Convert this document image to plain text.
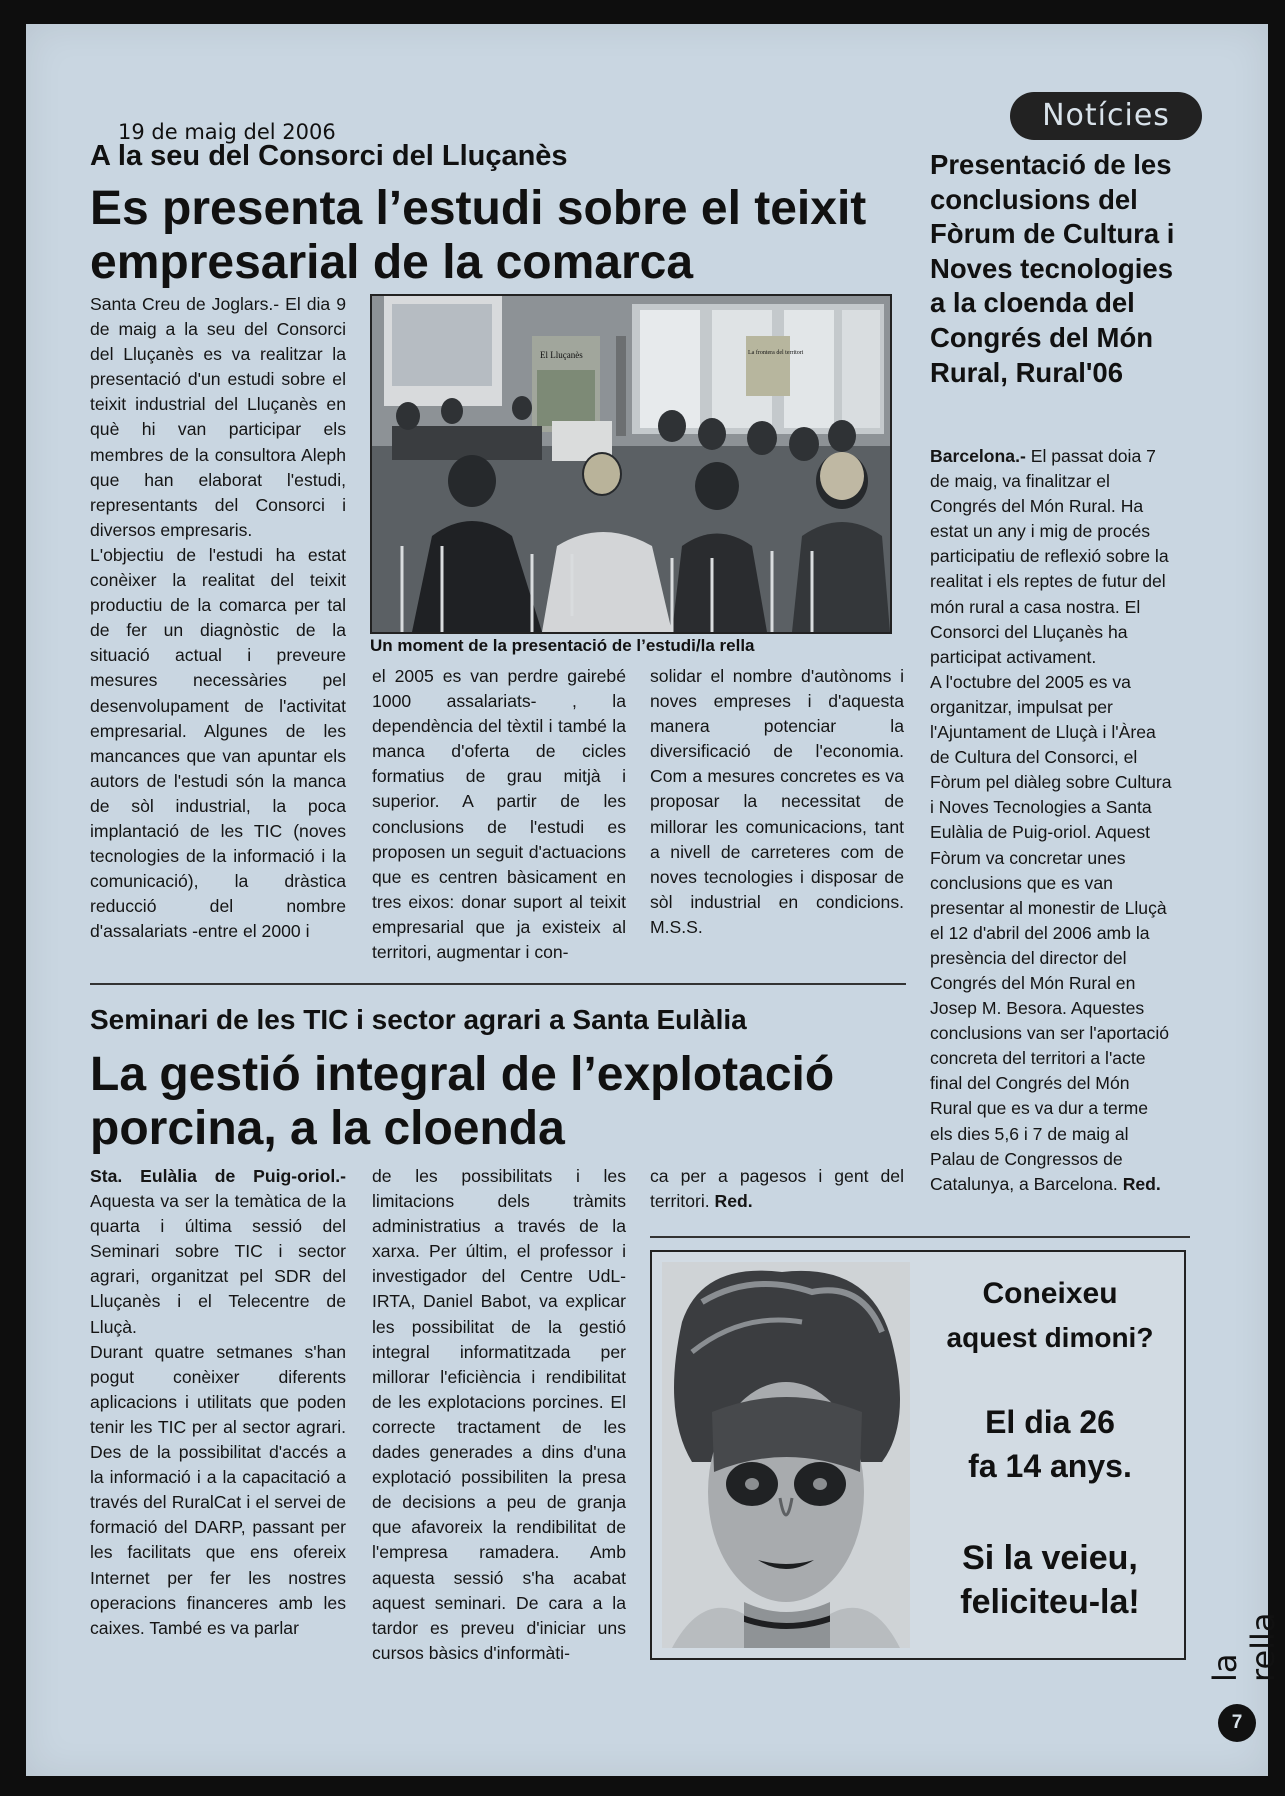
19 de maig del 2006	Notícies
A la seu del Consorci del Lluçanès
Es presenta l’estudi sobre el teixit
empresarial de la comarca

Santa Creu de Joglars.- El dia 9 de maig a la seu del Consorci del Lluçanès es va realitzar la presentació d'un estudi sobre el teixit industrial del Lluçanès en què hi van participar els membres de la consultora Aleph que han elaborat l'estudi, representants del Consorci i diversos empresaris.

L'objectiu de l'estudi ha estat conèixer la realitat del teixit productiu de la comarca per tal de fer un diagnòstic de la situació actual i preveure mesures necessàries pel desenvolupament de l'activitat empresarial. Algunes de les mancances que van apuntar els autors de l'estudi són la manca de sòl industrial, la poca implantació de les TIC (noves tecnologies de la informació i la comunicació), la dràstica reducció del nombre d'assalariats -entre el 2000 i

El Lluçanès	La frontera del territori
Un moment de la presentació de l’estudi/la rella

el 2005 es van perdre gairebé 1000 assalariats- , la dependència del tèxtil i també la manca d'oferta de cicles formatius de grau mitjà i superior. A partir de les conclusions de l'estudi es proposen un seguit d'actuacions que es centren bàsicament en tres eixos: donar suport al teixit empresarial que ja existeix al territori, augmentar i con-

solidar el nombre d'autònoms i noves empreses i d'aquesta manera potenciar la diversificació de l'economia. Com a mesures concretes es va proposar la necessitat de millorar les comunicacions, tant a nivell de carreteres com de noves tecnologies i disposar de sòl industrial en condicions. M.S.S.

Seminari de les TIC i sector agrari a Santa Eulàlia
La gestió integral de l’explotació
porcina, a la cloenda

Sta. Eulàlia de Puig-oriol.- Aquesta va ser la temàtica de la quarta i última sessió del Seminari sobre TIC i sector agrari, organitzat pel SDR del Lluçanès i el Telecentre de Lluçà.

Durant quatre setmanes s'han pogut conèixer diferents aplicacions i utilitats que poden tenir les TIC per al sector agrari. Des de la possibilitat d'accés a la informació i a la capacitació a través del RuralCat i el servei de formació del DARP, passant per les facilitats que ens ofereix Internet per fer les nostres operacions financeres amb les caixes. També es va parlar

de les possibilitats i les limitacions dels tràmits administratius a través de la xarxa. Per últim, el professor i investigador del Centre UdL-IRTA, Daniel Babot, va explicar les possibilitat de la gestió integral informatitzada per millorar l'eficiència i rendibilitat de les explotacions porcines. El correcte tractament de les dades generades a dins d'una explotació possibiliten la presa de decisions a peu de granja que afavoreix la rendibilitat de l'empresa ramadera. Amb aquesta sessió s'ha acabat aquest seminari. De cara a la tardor es preveu d'iniciar uns cursos bàsics d'informàti-

ca per a pagesos i gent del territori. Red.

Presentació de les conclusions del Fòrum de Cultura i Noves tecnologies a la cloenda del Congrés del Món Rural, Rural'06

Barcelona.- El passat doia 7 de maig, va finalitzar el Congrés del Món Rural. Ha estat un any i mig de procés participatiu de reflexió sobre la realitat i els reptes de futur del món rural a casa nostra. El Consorci del Lluçanès ha participat activament.

A l'octubre del 2005 es va organitzar, impulsat per l'Ajuntament de Lluçà i l'Àrea de Cultura del Consorci, el Fòrum pel diàleg sobre Cultura i Noves Tecnologies a Santa Eulàlia de Puig-oriol. Aquest Fòrum va concretar unes conclusions que es van presentar al monestir de Lluçà el 12 d'abril del 2006 amb la presència del director del Congrés del Món Rural en Josep M. Besora. Aquestes conclusions van ser l'aportació concreta del territori a l'acte final del Congrés del Món Rural que es va dur a terme els dies 5,6 i 7 de maig al Palau de Congressos de Catalunya, a Barcelona. Red.

Coneixeu
aquest dimoni?
El dia 26
fa 14 anys.
Si la veieu,
feliciteu-la!
la rella
7
